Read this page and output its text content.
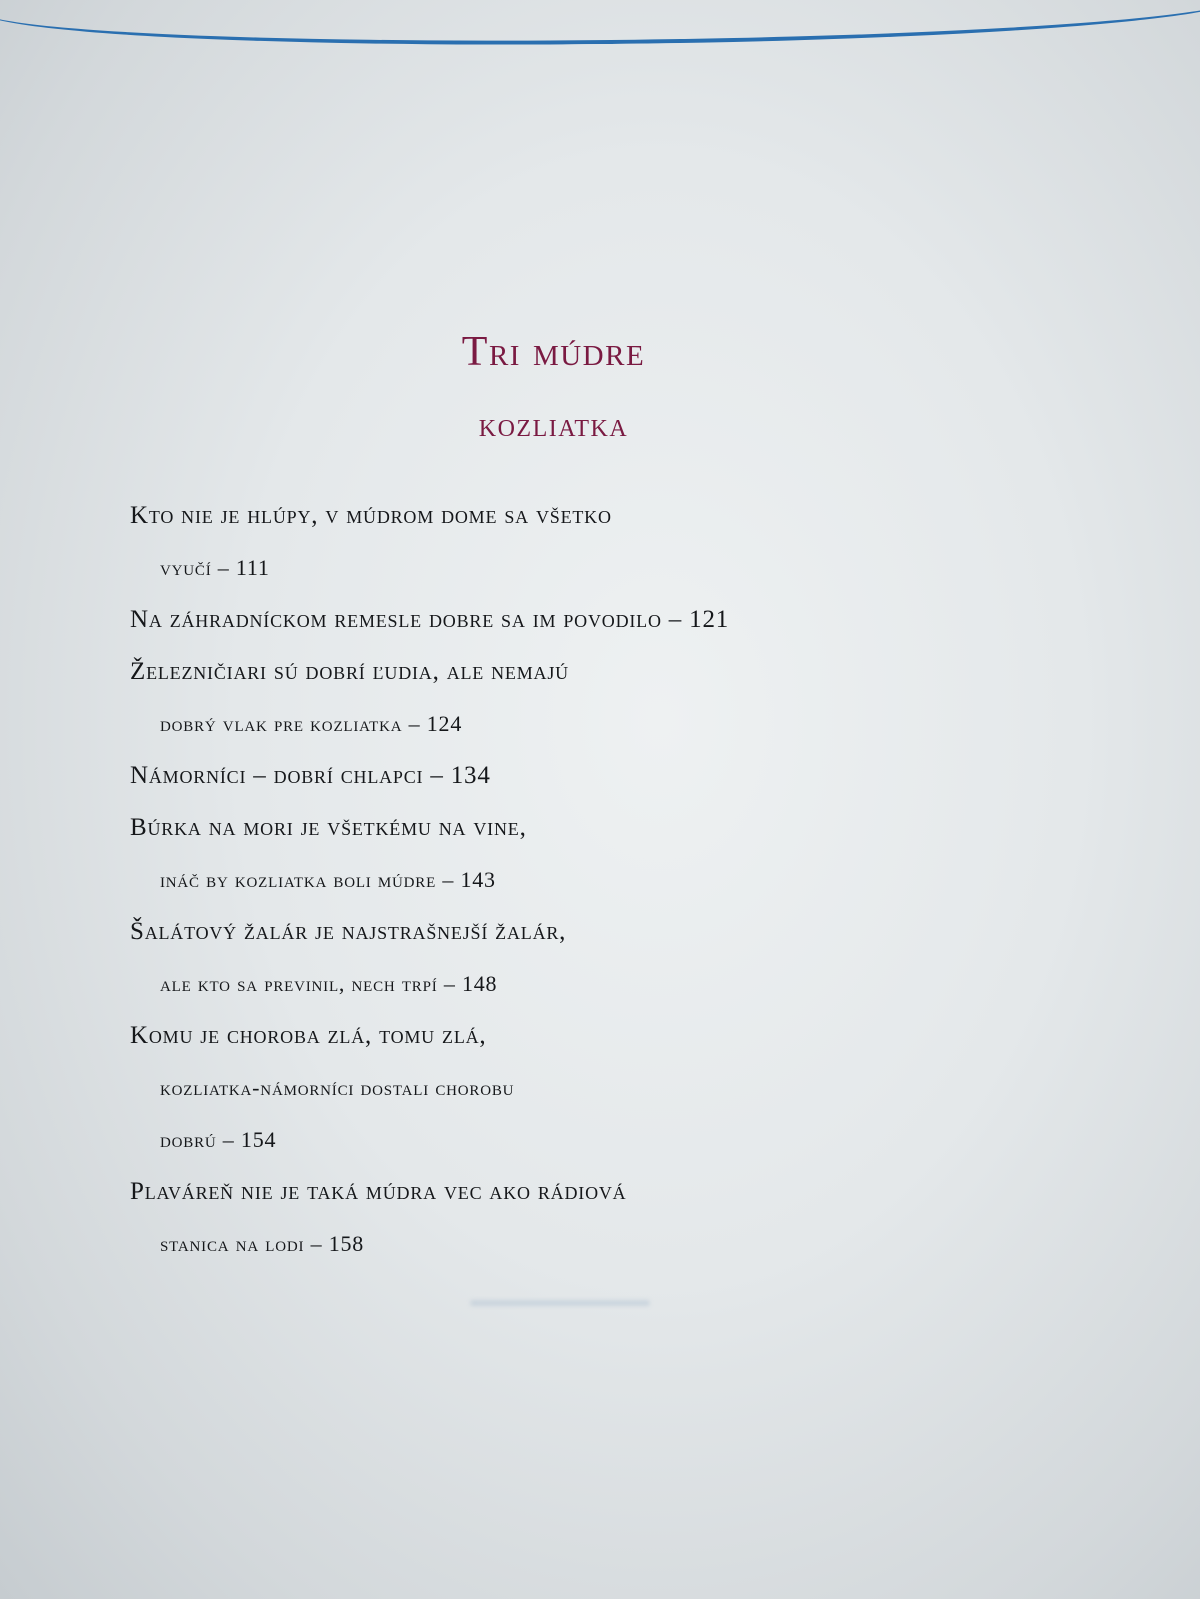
Tri múdre
kozliatka
Kto nie je hlúpy, v múdrom dome sa všetko
vyučí – 111
Na záhradníckom remesle dobre sa im povodilo – 121
Železničiari sú dobrí ľudia, ale nemajú
dobrý vlak pre kozliatka – 124
Námorníci – dobrí chlapci – 134
Búrka na mori je všetkému na vine,
ináč by kozliatka boli múdre – 143
Šalátový žalár je najstrašnejší žalár,
ale kto sa previnil, nech trpí – 148
Komu je choroba zlá, tomu zlá,
kozliatka-námorníci dostali chorobu
dobrú – 154
Plaváreň nie je taká múdra vec ako rádiová
stanica na lodi – 158
